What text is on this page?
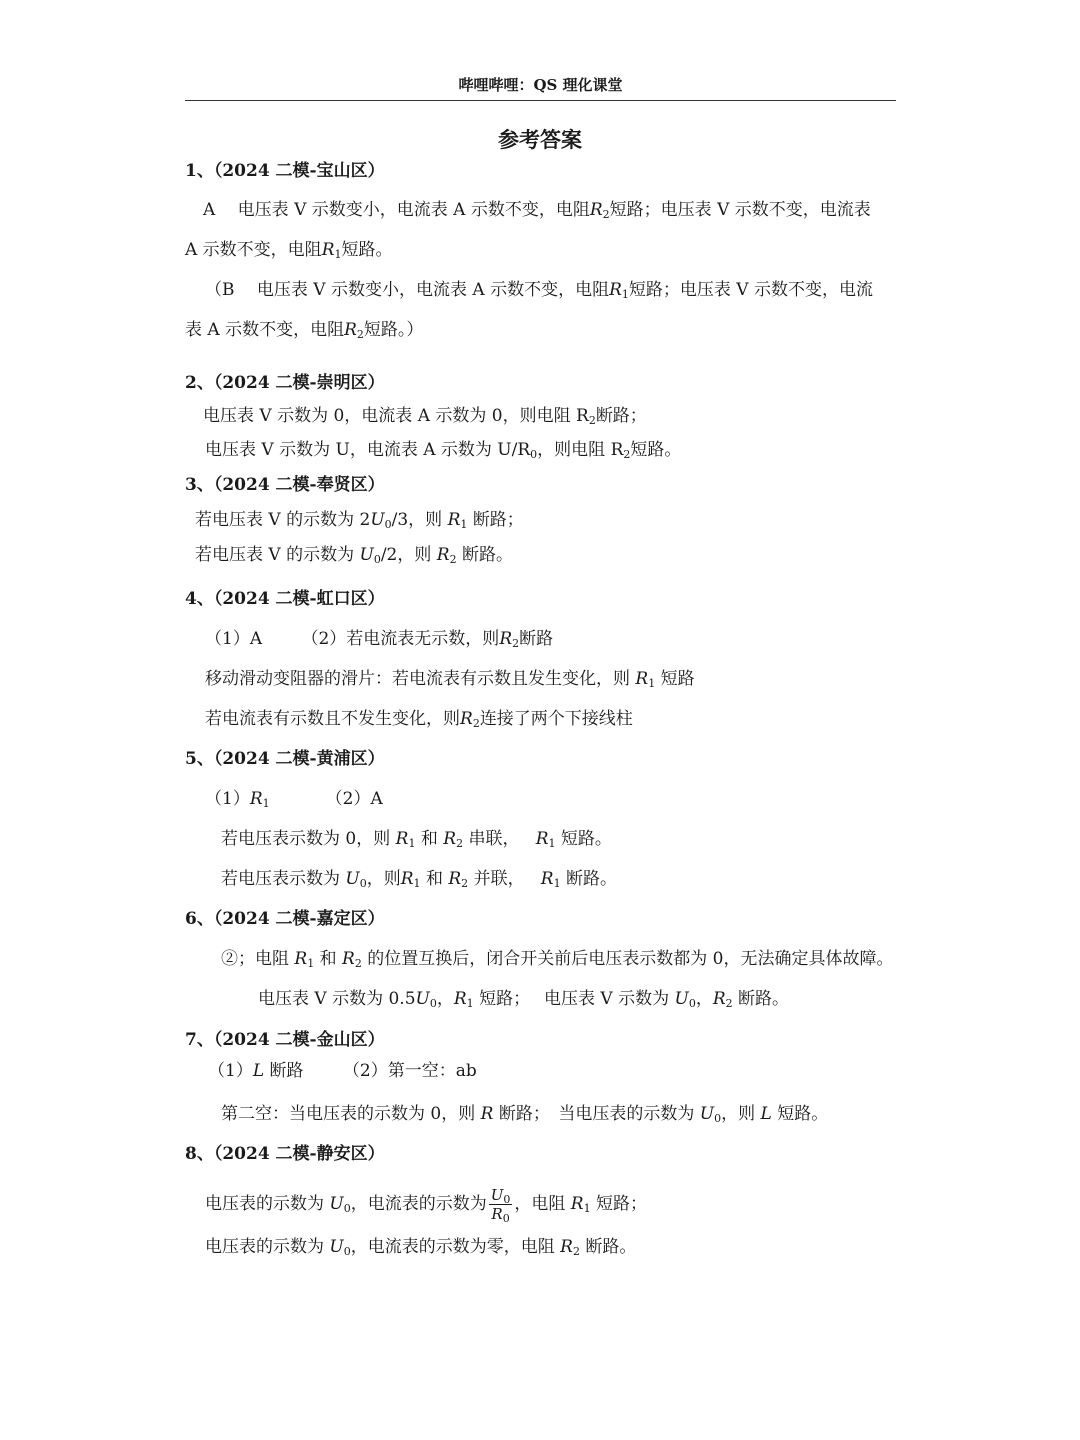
哔哩哔哩：QS 理化课堂
参考答案
1、（2024 二模-宝山区）
A　 电压表 V 示数变小，电流表 A 示数不变，电阻$R_2$短路；电压表 V 示数不变，电流表
A 示数不变，电阻$R_1$短路。
（B　 电压表 V 示数变小，电流表 A 示数不变，电阻$R_1$短路；电压表 V 示数不变，电流
表 A 示数不变，电阻$R_2$短路。）
2、（2024 二模-崇明区）
电压表 V 示数为 0，电流表 A 示数为 0，则电阻 $R_2$断路；
电压表 V 示数为 U，电流表 A 示数为 $U/R_0$，则电阻 $R_2$短路。
3、（2024 二模-奉贤区）
若电压表 V 的示数为 $2U_0/3$，则 $R_1$ 断路；
若电压表 V 的示数为 $U_0/2$，则 $R_2$ 断路。
4、（2024 二模-虹口区）
（1）A　　 （2）若电流表无示数，则$R_2$断路
移动滑动变阻器的滑片：若电流表有示数且发生变化，则 $R_1$ 短路
若电流表有示数且不发生变化，则$R_2$连接了两个下接线柱
5、（2024 二模-黄浦区）
$(1)R_1$	（2）A
若电压表示数为 0，则 $R_1$ 和 $R_2$ 串联， $R_1$ 短路。
若电压表示数为 $U_0$，则$R_1$ 和 $R_2$ 并联， $R_1$ 断路。
6、（2024 二模-嘉定区）
②；电阻 $R_1$ 和 $R_2$ 的位置互换后，闭合开关前后电压表示数都为 0，无法确定具体故障。
电压表 V 示数为 $0.5U_0$，$R_1$ 短路；　 电压表 V 示数为 $U_0$，$R_2$ 断路。
7、（2024 二模-金山区）
（1）L 断路　　 （2）第一空：ab
第二空：当电压表的示数为 0，则 R 断路；　当电压表的示数为 $U_0$，则 L 短路。
8、（2024 二模-静安区）
电压表的示数为 $U_0$，电流表的示数为 $\frac{U_0}{R_0}$ ，电阻 $R_1$ 短路；
电压表的示数为 $U_0$，电流表的示数为零，电阻 $R_2$ 断路。
